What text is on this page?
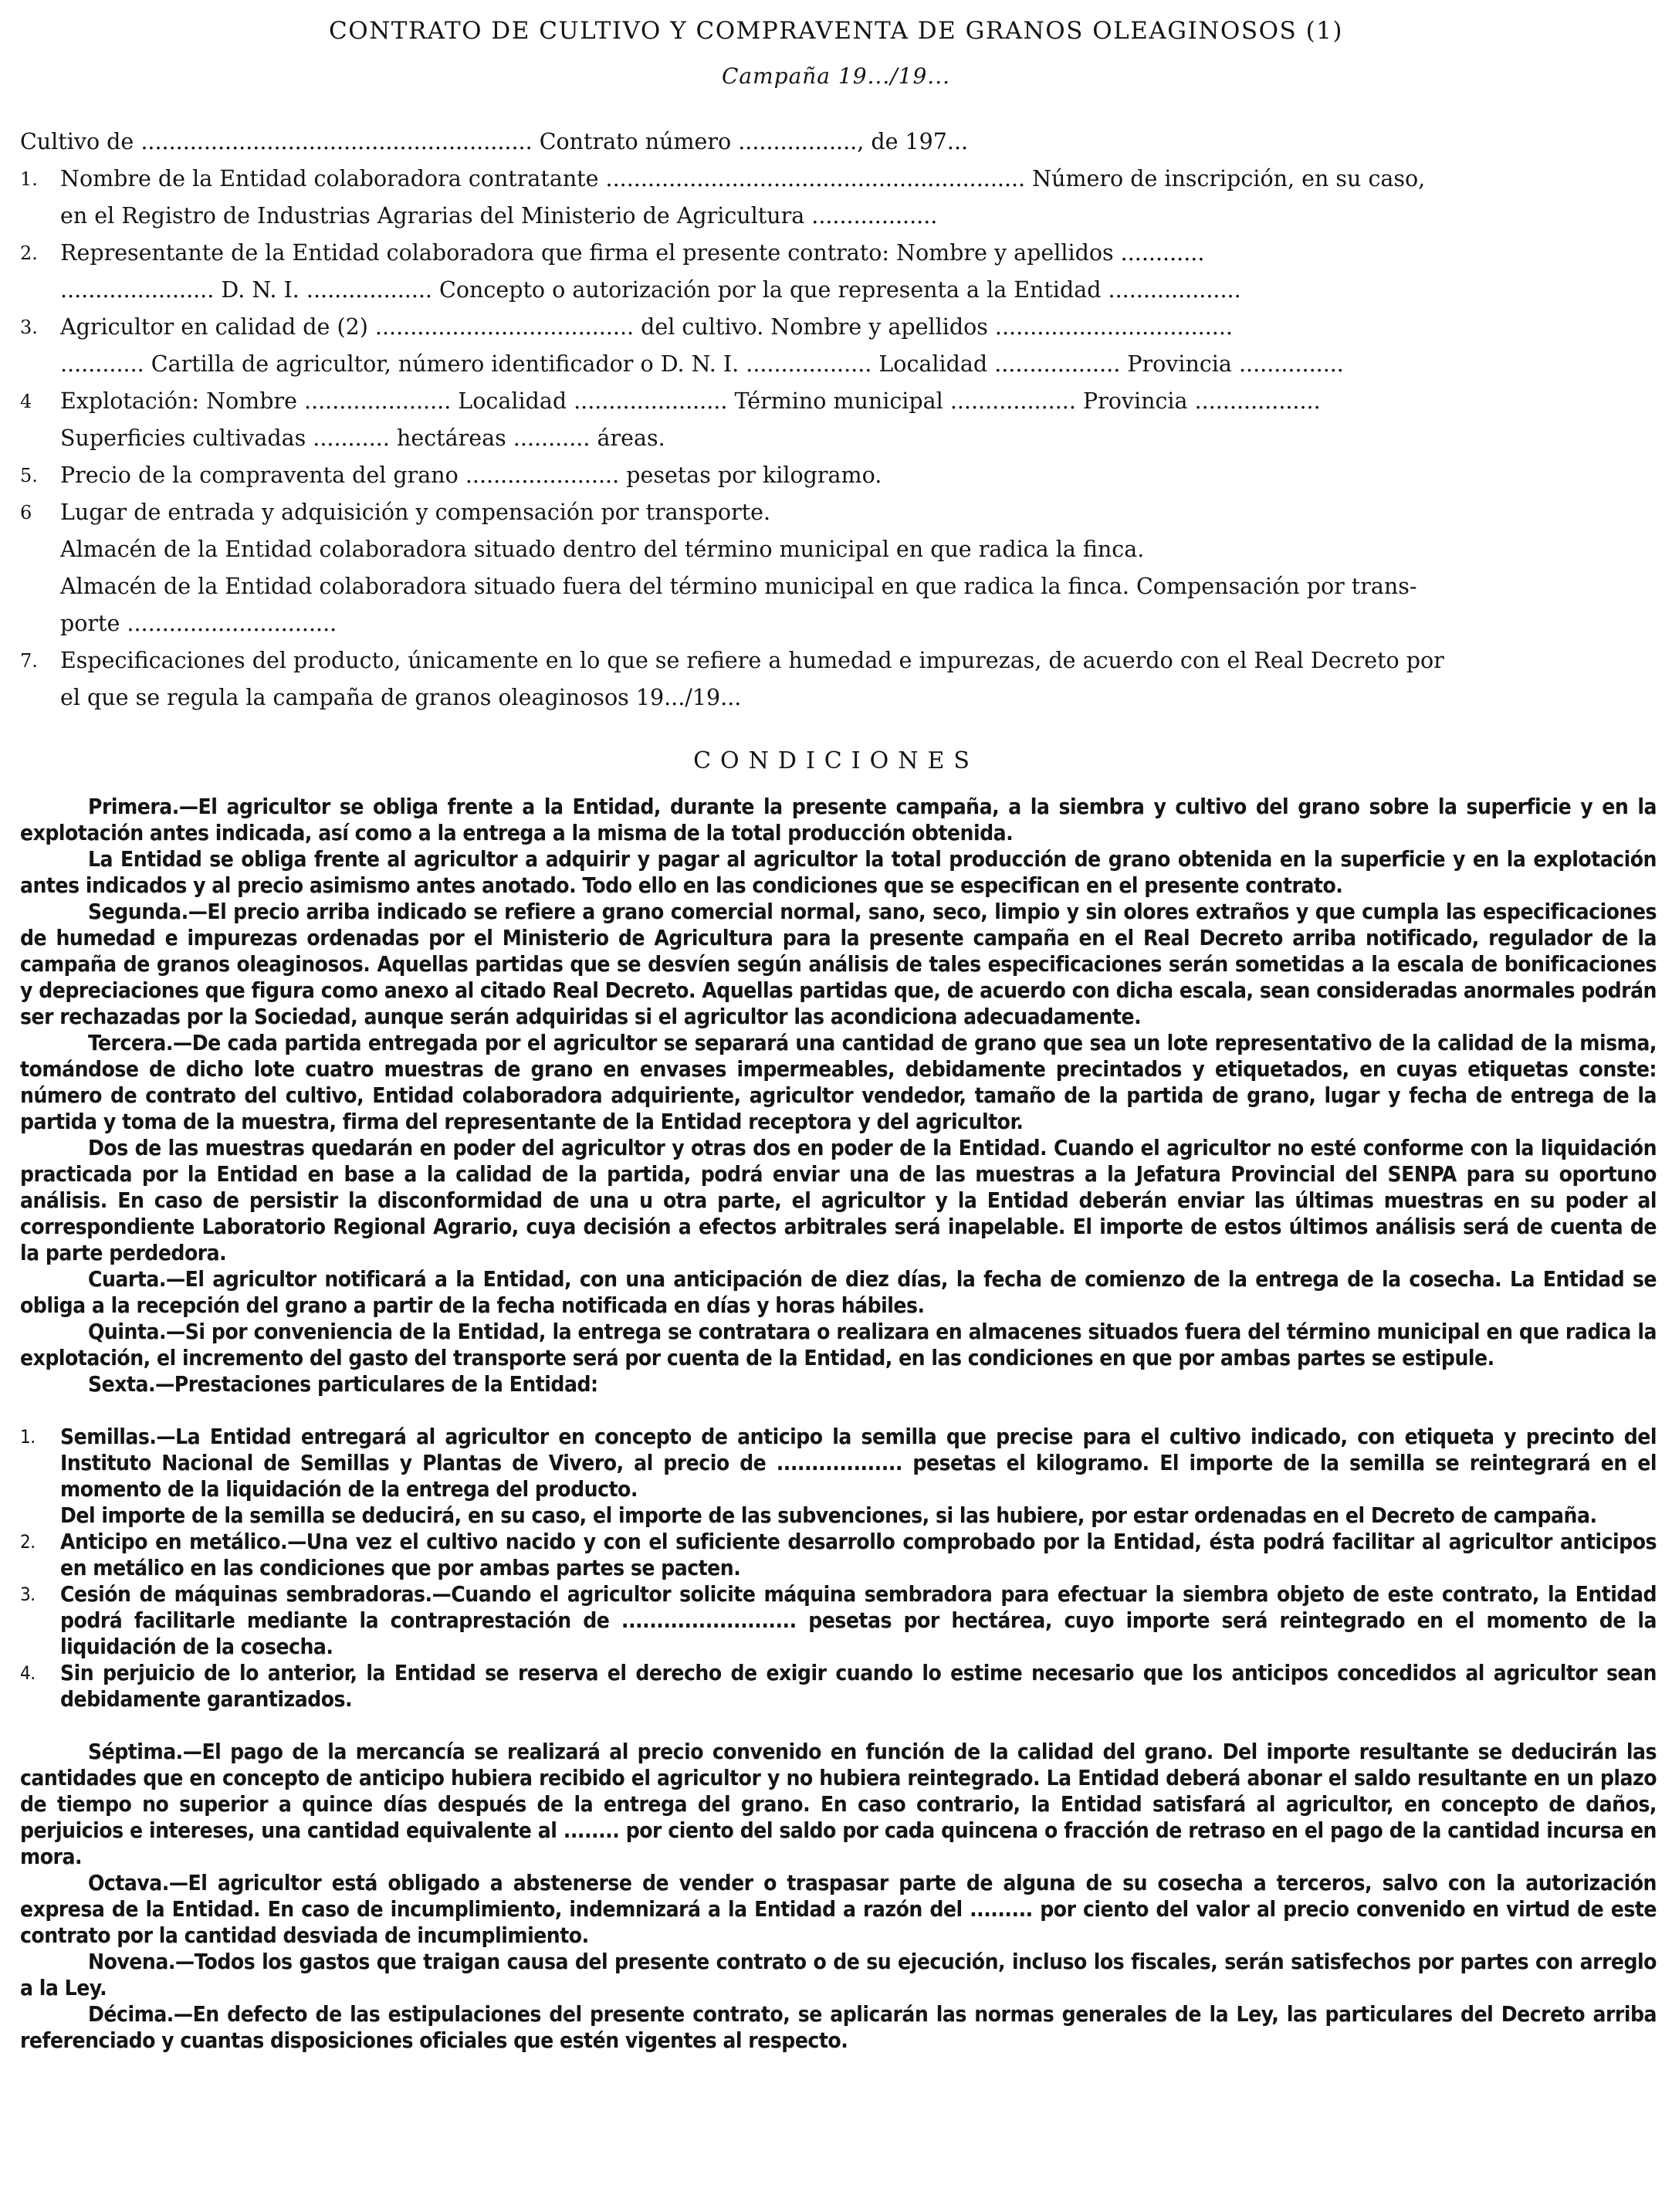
CONTRATO DE CULTIVO Y COMPRAVENTA DE GRANOS OLEAGINOSOS (1)
Campaña 19.../19...
Cultivo de ........................................................ Contrato número ................., de 197...
1.	Nombre de la Entidad colaboradora contratante ............................................................ Número de inscripción, en su caso,
en el Registro de Industrias Agrarias del Ministerio de Agricultura ..................
2.	Representante de la Entidad colaboradora que firma el presente contrato: Nombre y apellidos ............
...................... D. N. I. .................. Concepto o autorización por la que representa a la Entidad ...................
3.	Agricultor en calidad de (2) ..................................... del cultivo. Nombre y apellidos ..................................
............ Cartilla de agricultor, número identificador o D. N. I. .................. Localidad .................. Provincia ...............
4	Explotación: Nombre ..................... Localidad ...................... Término municipal .................. Provincia ..................
Superficies cultivadas ........... hectáreas ........... áreas.
5.	Precio de la compraventa del grano ...................... pesetas por kilogramo.
6	Lugar de entrada y adquisición y compensación por transporte.
Almacén de la Entidad colaboradora situado dentro del término municipal en que radica la finca.
Almacén de la Entidad colaboradora situado fuera del término municipal en que radica la finca. Compensación por trans-
porte ..............................
7.	Especificaciones del producto, únicamente en lo que se refiere a humedad e impurezas, de acuerdo con el Real Decreto por
el que se regula la campaña de granos oleaginosos 19.../19...
CONDICIONES

Primera.—El agricultor se obliga frente a la Entidad, durante la presente campaña, a la siembra y cultivo del grano sobre la superficie y en la explotación antes indicada, así como a la entrega a la misma de la total producción obtenida.

La Entidad se obliga frente al agricultor a adquirir y pagar al agricultor la total producción de grano obtenida en la superficie y en la explotación antes indicados y al precio asimismo antes anotado. Todo ello en las condiciones que se especifican en el presente contrato.

Segunda.—El precio arriba indicado se refiere a grano comercial normal, sano, seco, limpio y sin olores extraños y que cumpla las especificaciones de humedad e impurezas ordenadas por el Ministerio de Agricultura para la presente campaña en el Real Decreto arriba notificado, regulador de la campaña de granos oleaginosos. Aquellas partidas que se desvíen según análisis de tales especificaciones serán sometidas a la escala de bonificaciones y depreciaciones que figura como anexo al citado Real Decreto. Aquellas partidas que, de acuerdo con dicha escala, sean consideradas anormales podrán ser rechazadas por la Sociedad, aunque serán adquiridas si el agricultor las acondiciona adecuadamente.

Tercera.—De cada partida entregada por el agricultor se separará una cantidad de grano que sea un lote representativo de la calidad de la misma, tomándose de dicho lote cuatro muestras de grano en envases impermeables, debidamente precintados y etiquetados, en cuyas etiquetas conste: número de contrato del cultivo, Entidad colaboradora adquiriente, agricultor vendedor, tamaño de la partida de grano, lugar y fecha de entrega de la partida y toma de la muestra, firma del representante de la Entidad receptora y del agricultor.

Dos de las muestras quedarán en poder del agricultor y otras dos en poder de la Entidad. Cuando el agricultor no esté conforme con la liquidación practicada por la Entidad en base a la calidad de la partida, podrá enviar una de las muestras a la Jefatura Provincial del SENPA para su oportuno análisis. En caso de persistir la disconformidad de una u otra parte, el agricultor y la Entidad deberán enviar las últimas muestras en su poder al correspondiente Laboratorio Regional Agrario, cuya decisión a efectos arbitrales será inapelable. El importe de estos últimos análisis será de cuenta de la parte perdedora.

Cuarta.—El agricultor notificará a la Entidad, con una anticipación de diez días, la fecha de comienzo de la entrega de la cosecha. La Entidad se obliga a la recepción del grano a partir de la fecha notificada en días y horas hábiles.

Quinta.—Si por conveniencia de la Entidad, la entrega se contratara o realizara en almacenes situados fuera del término municipal en que radica la explotación, el incremento del gasto del transporte será por cuenta de la Entidad, en las condiciones en que por ambas partes se estipule.

Sexta.—Prestaciones particulares de la Entidad:

1.	Semillas.—La Entidad entregará al agricultor en concepto de anticipo la semilla que precise para el cultivo indicado, con etiqueta y precinto del Instituto Nacional de Semillas y Plantas de Vivero, al precio de .................. pesetas el kilogramo. El importe de la semilla se reintegrará en el momento de la liquidación de la entrega del producto.

Del importe de la semilla se deducirá, en su caso, el importe de las subvenciones, si las hubiere, por estar ordenadas en el Decreto de campaña.

2.	Anticipo en metálico.—Una vez el cultivo nacido y con el suficiente desarrollo comprobado por la Entidad, ésta podrá facilitar al agricultor anticipos en metálico en las condiciones que por ambas partes se pacten.

3.	Cesión de máquinas sembradoras.—Cuando el agricultor solicite máquina sembradora para efectuar la siembra objeto de este contrato, la Entidad podrá facilitarle mediante la contraprestación de ......................... pesetas por hectárea, cuyo importe será reintegrado en el momento de la liquidación de la cosecha.

4.	Sin perjuicio de lo anterior, la Entidad se reserva el derecho de exigir cuando lo estime necesario que los anticipos concedidos al agricultor sean debidamente garantizados.

Séptima.—El pago de la mercancía se realizará al precio convenido en función de la calidad del grano. Del importe resultante se deducirán las cantidades que en concepto de anticipo hubiera recibido el agricultor y no hubiera reintegrado. La Entidad deberá abonar el saldo resultante en un plazo de tiempo no superior a quince días después de la entrega del grano. En caso contrario, la Entidad satisfará al agricultor, en concepto de daños, perjuicios e intereses, una cantidad equivalente al ........ por ciento del saldo por cada quincena o fracción de retraso en el pago de la cantidad incursa en mora.

Octava.—El agricultor está obligado a abstenerse de vender o traspasar parte de alguna de su cosecha a terceros, salvo con la autorización expresa de la Entidad. En caso de incumplimiento, indemnizará a la Entidad a razón del ......... por ciento del valor al precio convenido en virtud de este contrato por la cantidad desviada de incumplimiento.

Novena.—Todos los gastos que traigan causa del presente contrato o de su ejecución, incluso los fiscales, serán satisfechos por partes con arreglo a la Ley.

Décima.—En defecto de las estipulaciones del presente contrato, se aplicarán las normas generales de la Ley, las particulares del Decreto arriba referenciado y cuantas disposiciones oficiales que estén vigentes al respecto.
